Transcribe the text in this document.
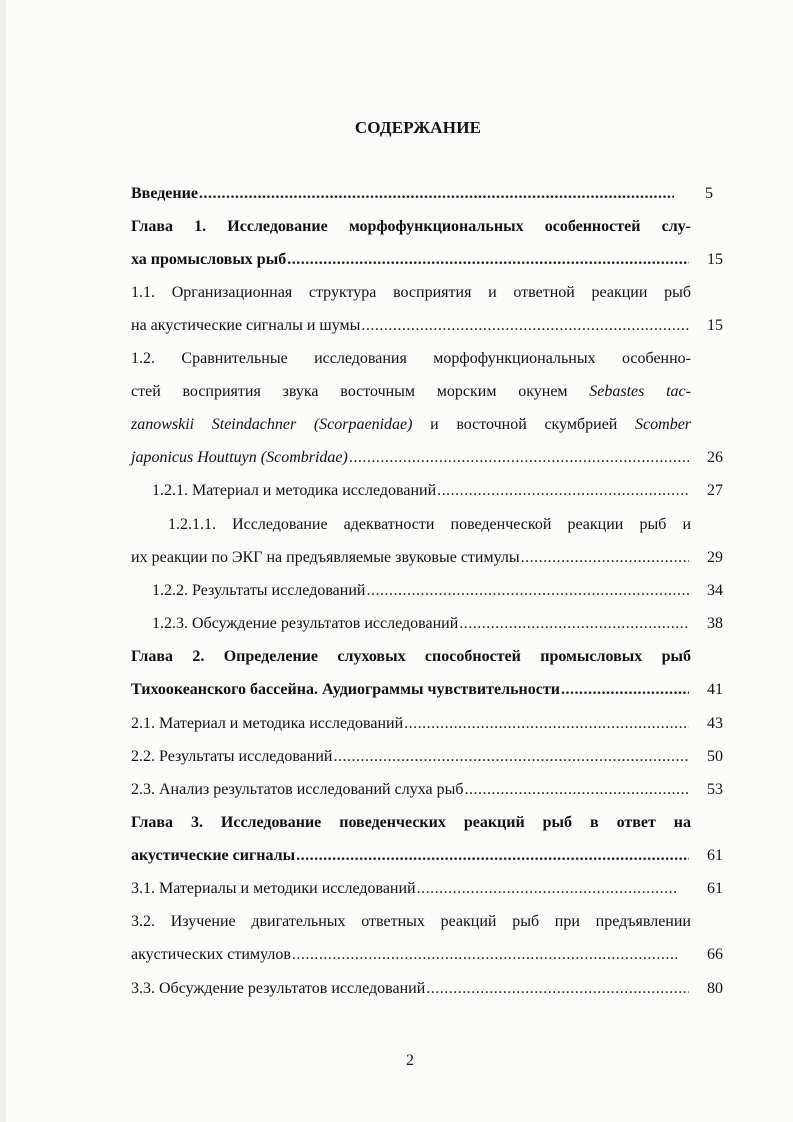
СОДЕРЖАНИЕ
Введение .....	5
Глава 1. Исследование морфофункциональных особенностей слу-
ха промысловых рыб .....	15
1.1. Организационная структура восприятия и ответной реакции рыб
на акустические сигналы и шумы .....	15
1.2. Сравнительные исследования морфофункциональных особенно-
стей восприятия звука восточным морским окунем Sebastes tac-
zanowskii Steindachner (Scorpaenidae) и восточной скумбрией Scomber
japonicus Houttuyn (Scombridae) .....	26
1.2.1. Материал и методика исследований .....	27
1.2.1.1. Исследование адекватности поведенческой реакции рыб и
их реакции по ЭКГ на предъявляемые звуковые стимулы .....	29
1.2.2. Результаты исследований .....	34
1.2.3. Обсуждение результатов исследований .....	38
Глава 2. Определение слуховых способностей промысловых рыб
Тихоокеанского бассейна. Аудиограммы чувствительности .....	41
2.1. Материал и методика исследований .....	43
2.2. Результаты исследований .....	50
2.3. Анализ результатов исследований слуха рыб .....	53
Глава 3. Исследование поведенческих реакций рыб в ответ на
акустические сигналы .....	61
3.1. Материалы и методики исследований .....	61
3.2. Изучение двигательных ответных реакций рыб при предъявлении
акустических стимулов .....	66
3.3. Обсуждение результатов исследований .....	80
2
